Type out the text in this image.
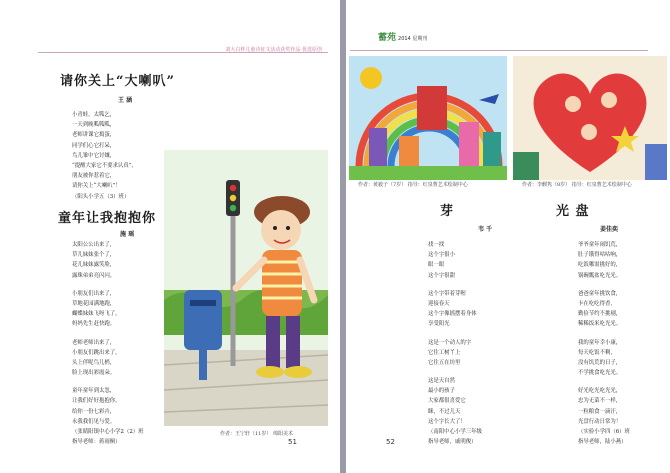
刘大白杯儿童诗征文活动获奖作品·优选原创
请你关上“大喇叭”
王 涵
小青蛙，太呱乞，
一天到晚呱呱呱，
老师讲课它捣蛋，
同学们心它打呆，
鸟儿雏中它讨嫌，
“提醒大家它不要求认真”，
朋友被你惹着它，
请你关上“大喇叭”！
（阳头小学五（3）班）
童年让我抱抱你
施 瑶
太阳公公出来了，
草儿妹妹张个了，
花儿妹妹露笑脸，
露珠弟弟亮闪闪。
小朋友们出来了，
草地花园满地跑，
蝴蝶妹妹飞呀飞了，
妈妈先生赶快跑。
老师老师出来了，
小朋友们跳出来了，
头上伴呢鸟儿梢，
脸上现出彩霞朵。
童年童年到太忽，
让我们好好抱抱你，
给你一份七彩卉，
永我我们见与爱。
（张睛阳镇中心小学2（2）班
指导老师：蒋雨桐）
作者：王宁轩（11岁） 绵阳美术
51
蓄苑 2014 星期刊
作者：黄毅子（7岁） 指导：红泉曹艺术绘制中心	作者：李麒隽（8岁） 指导：红泉曹艺术绘制中心
芽
韦 千
找一找
这个字很小
眼一眼
这个字很甜
这个字带着芽喔
迎接春天
这个字像摇摆着身体
享受阳光
这是一个动人的字
它住工树丫上
它住五在坊里
这是天自然
最小的孩子
大家都很喜爱它
眯，不过儿天
这个字长大了！
（南阳中心小学三年级
指导老师，戚明俊）
光 盘
姜佳奕
爷爷童年闹饥荒，
肚子饿得咕咕响，
吃饭哪需挑好的，
锅碗瓢盆吃光光。
爸爸童年挑饮食，
卡在吃吃得香，
勤俭节约不挑剔，
稀稀饭米吃光光。
我的童年幸小康，
每天吃饭不剩，
没有饥荒的日子，
不学挑食吃光光。
好光吃光吃光光，
忠为无菜不一样，
一粒粮食一滴汗，
光盘行动日常为！
（实验小学四（6）班
指导老师，陆小燕）
52
